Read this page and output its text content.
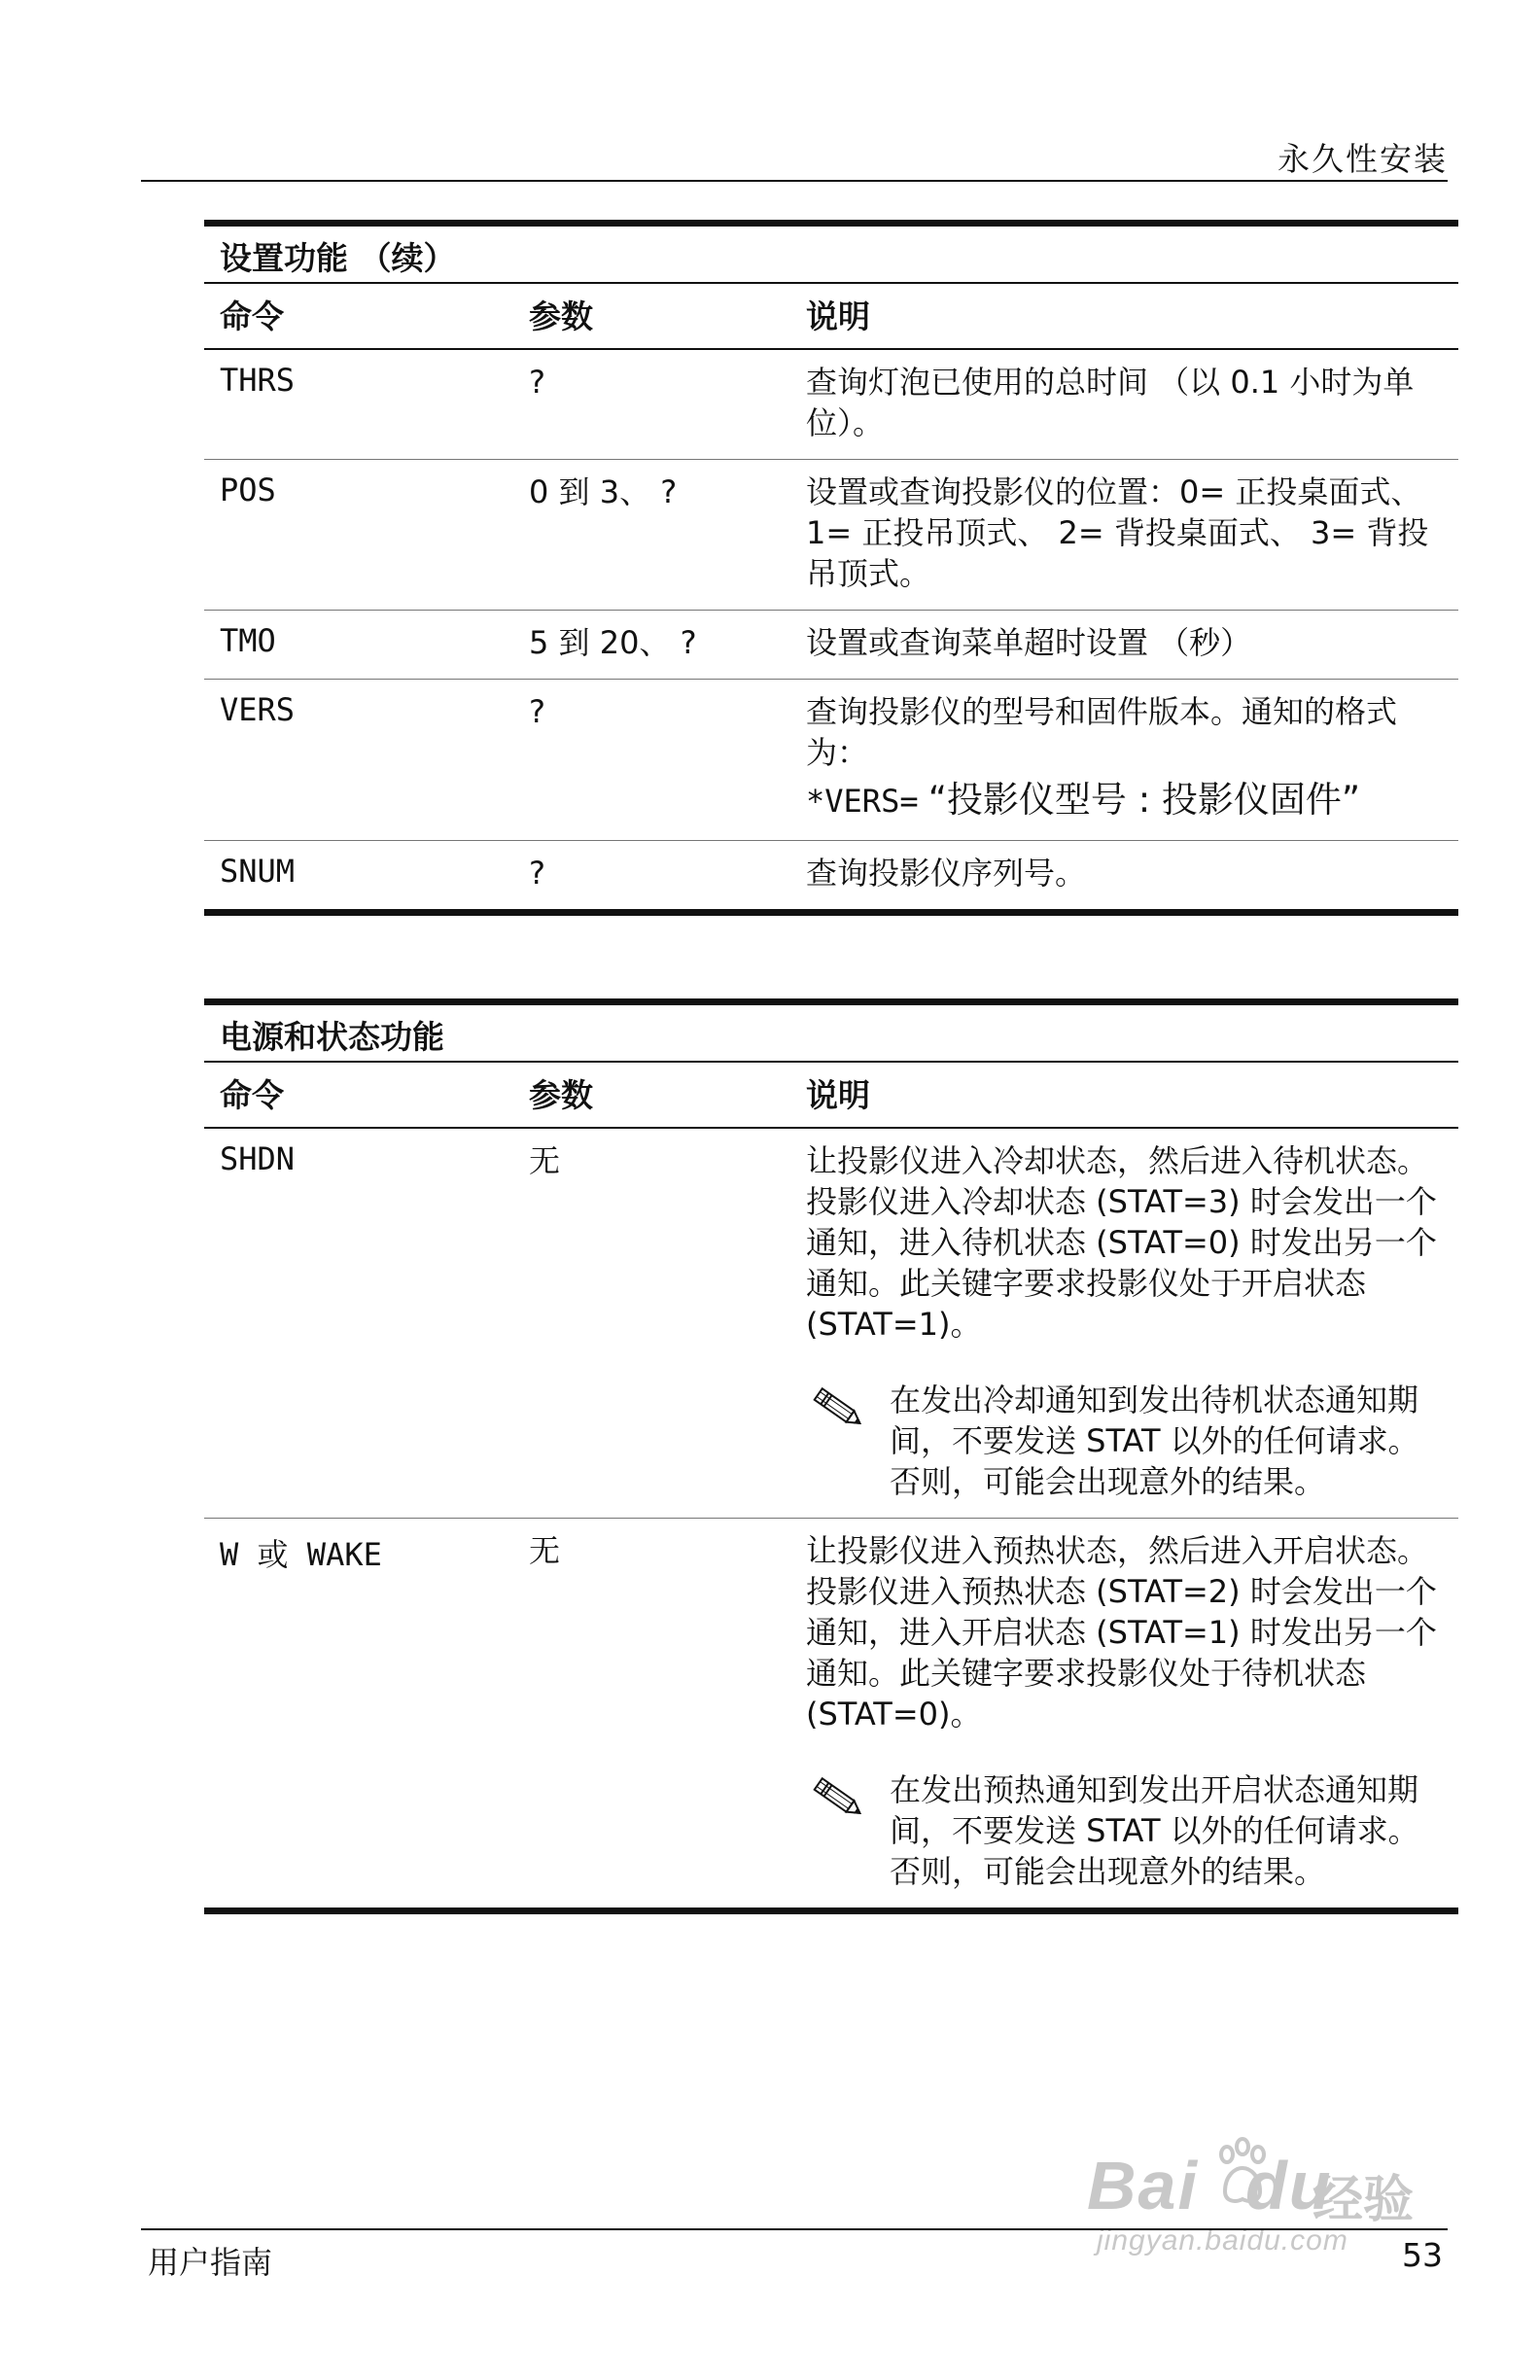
永久性安装
设置功能 （续）
命令	参数	说明
THRS	?	查询灯泡已使用的总时间 （以 0.1 小时为单位）。
POS	0 到 3、 ?	设置或查询投影仪的位置：0= 正投桌面式、 1= 正投吊顶式、 2= 背投桌面式、 3= 背投吊顶式。
TMO	5 到 20、 ?	设置或查询菜单超时设置 （秒）
VERS	?	查询投影仪的型号和固件版本。通知的格式为：
*VERS= “投影仪型号 : 投影仪固件”
SNUM	?	查询投影仪序列号。
电源和状态功能
命令	参数	说明
SHDN	无	让投影仪进入冷却状态，然后进入待机状态。投影仪进入冷却状态 (STAT=3) 时会发出一个通知，进入待机状态 (STAT=0) 时发出另一个通知。此关键字要求投影仪处于开启状态 (STAT=1)。
在发出冷却通知到发出待机状态通知期间，不要发送 STAT 以外的任何请求。否则，可能会出现意外的结果。
W 或 WAKE	无	让投影仪进入预热状态，然后进入开启状态。投影仪进入预热状态 (STAT=2) 时会发出一个通知，进入开启状态 (STAT=1) 时发出另一个通知。此关键字要求投影仪处于待机状态 (STAT=0)。
在发出预热通知到发出开启状态通知期间，不要发送 STAT 以外的任何请求。否则，可能会出现意外的结果。
Bai du
经验
jingyan.baidu.com
用户指南	53
